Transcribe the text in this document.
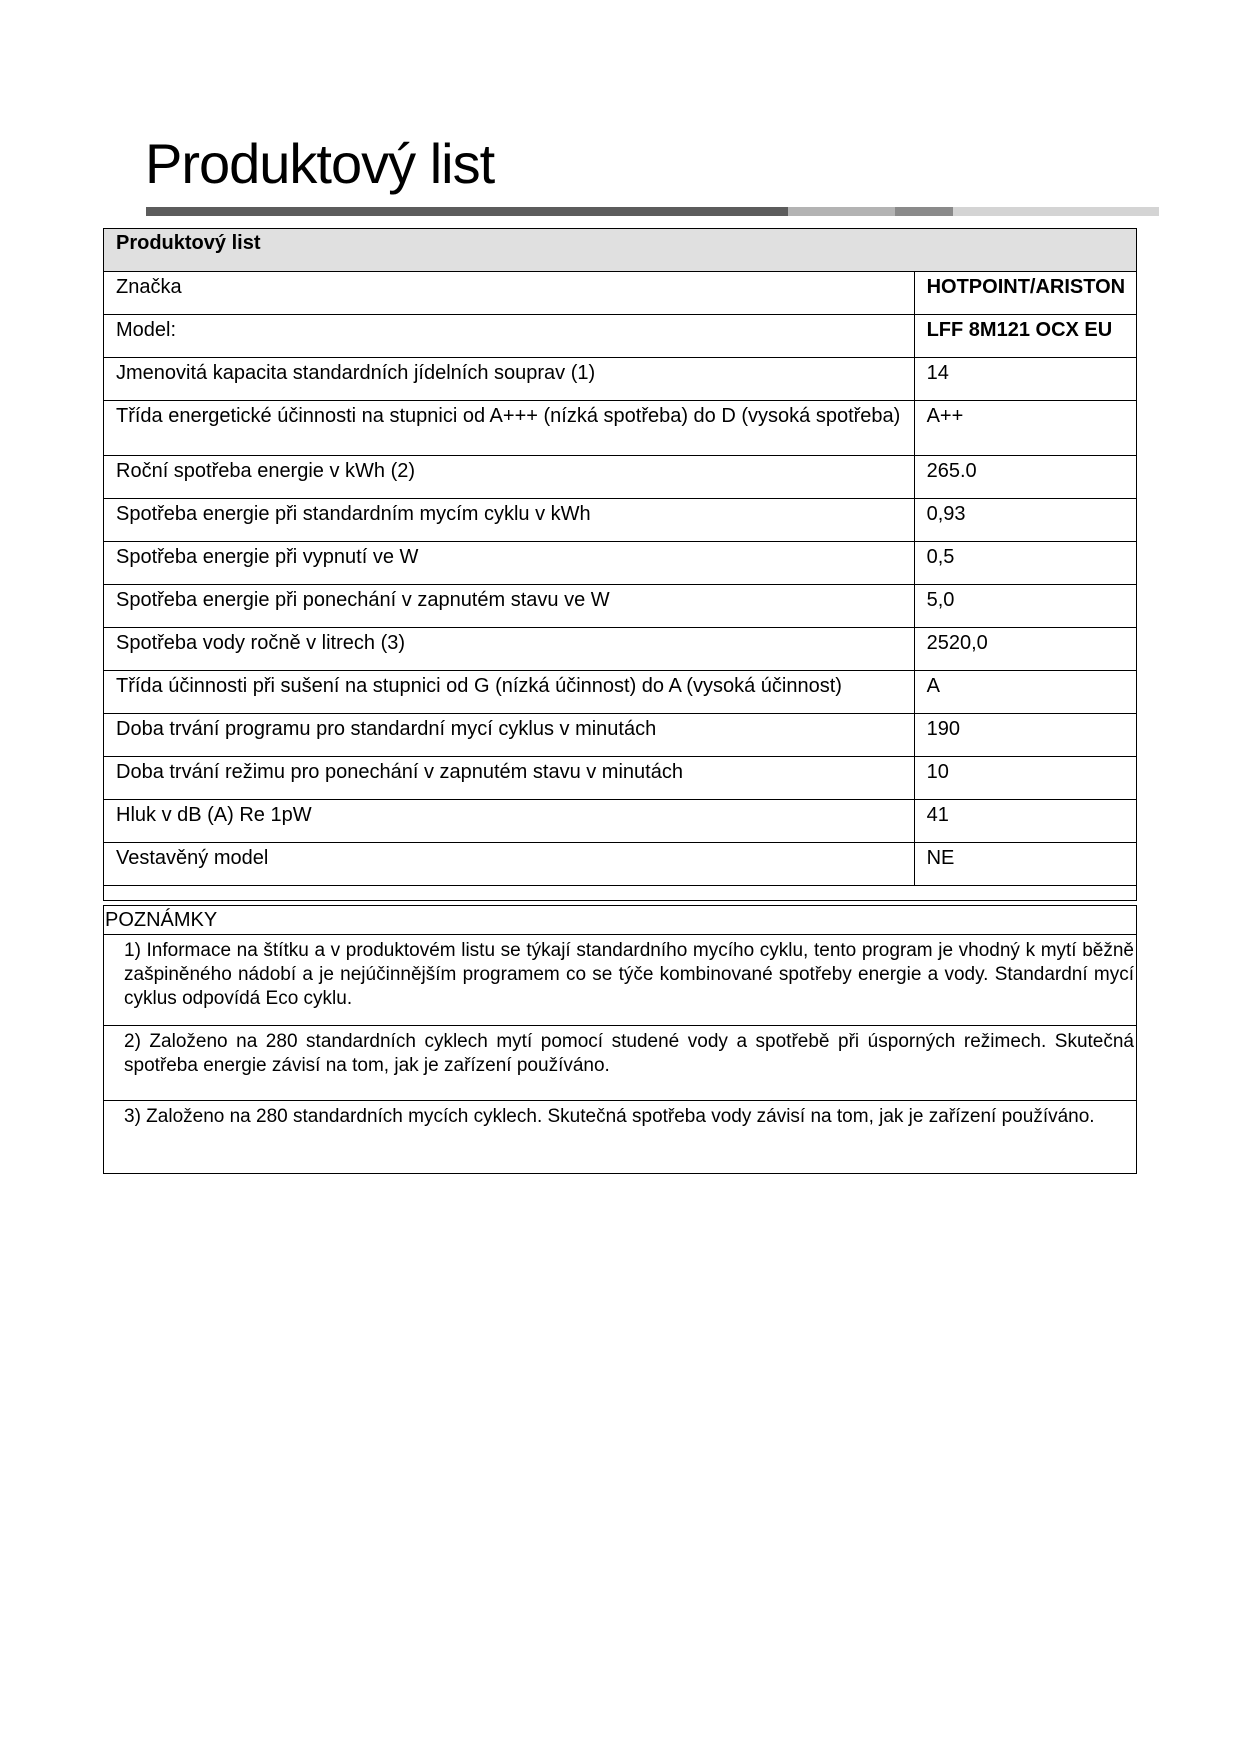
Produktový list
Produktový list	
Značka	HOTPOINT/ARISTON
Model:	LFF 8M121 OCX EU
Jmenovitá kapacita standardních jídelních souprav (1)	14
Třída energetické účinnosti na stupnici od A+++ (nízká spotřeba) do D (vysoká spotřeba)	A++
Roční spotřeba energie v kWh (2)	265.0
Spotřeba energie při standardním mycím cyklu v kWh	0,93
Spotřeba energie při vypnutí ve W	0,5
Spotřeba energie při ponechání v zapnutém stavu ve W	5,0
Spotřeba vody ročně v litrech (3)	2520,0
Třída účinnosti při sušení na stupnici od G (nízká účinnost) do A (vysoká účinnost)	A
Doba trvání programu pro standardní mycí cyklus v minutách	190
Doba trvání režimu pro ponechání v zapnutém stavu v minutách	10
Hluk v dB (A) Re 1pW	41
Vestavěný model	NE

POZNÁMKY
1) Informace na štítku a v produktovém listu se týkají standardního mycího cyklu, tento program je vhodný k mytí běžně zašpiněného nádobí a je nejúčinnějším programem co se týče kombinované spotřeby energie a vody. Standardní mycí cyklus odpovídá Eco cyklu.
2) Založeno na 280 standardních cyklech mytí pomocí studené vody a spotřebě při úsporných režimech. Skutečná spotřeba energie závisí na tom, jak je zařízení používáno.
3) Založeno na 280 standardních mycích cyklech. Skutečná spotřeba vody závisí na tom, jak je zařízení používáno.
